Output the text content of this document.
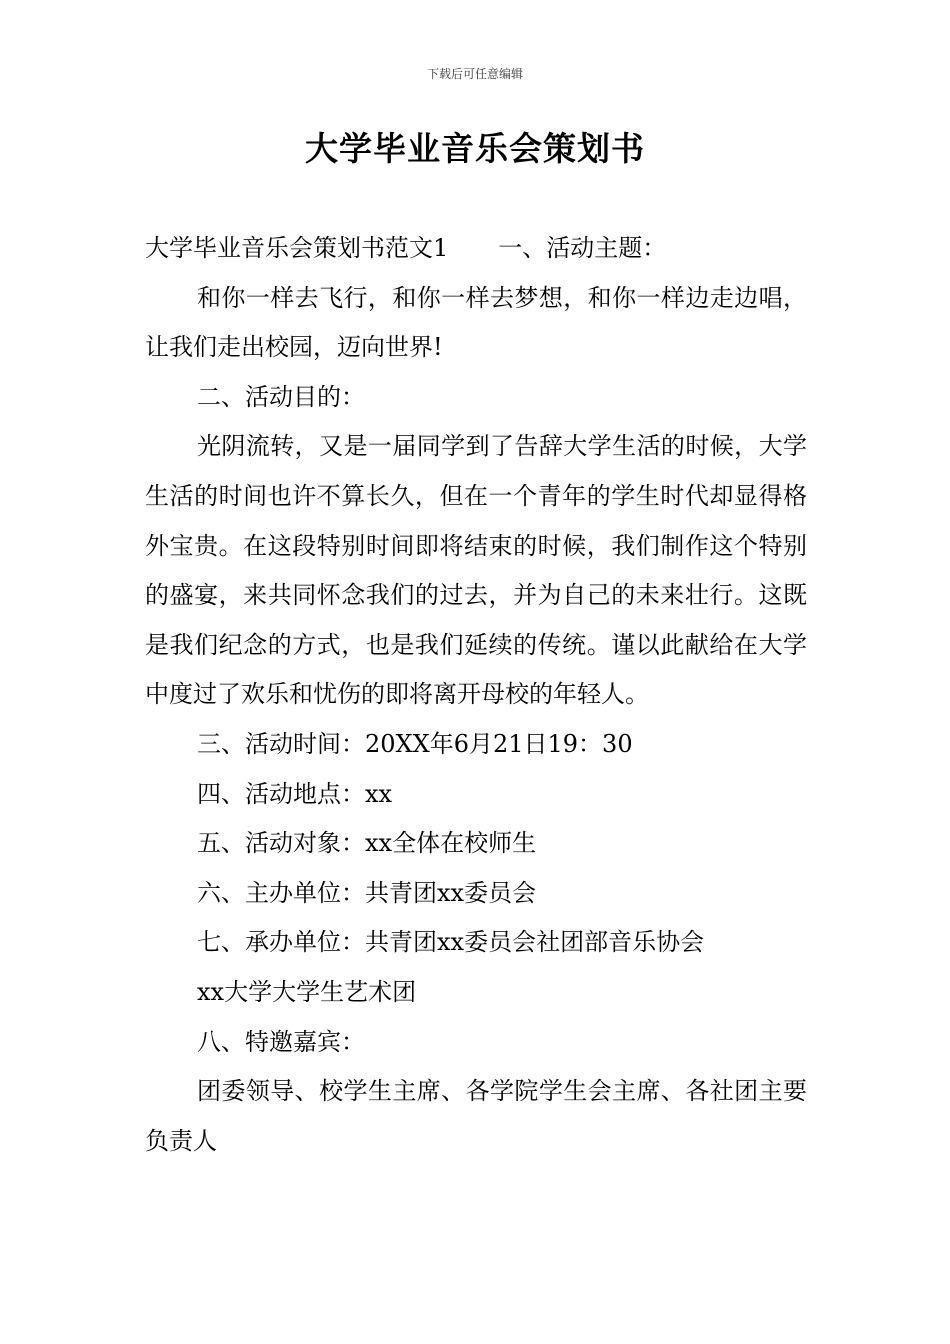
下载后可任意编辑
大学毕业音乐会策划书

大学毕业音乐会策划书范文1 一、活动主题：

和你一样去飞行，和你一样去梦想，和你一样边走边唱，让我们走出校园，迈向世界!

二、活动目的：

光阴流转，又是一届同学到了告辞大学生活的时候，大学生活的时间也许不算长久，但在一个青年的学生时代却显得格外宝贵。在这段特别时间即将结束的时候，我们制作这个特别的盛宴，来共同怀念我们的过去，并为自己的未来壮行。这既是我们纪念的方式，也是我们延续的传统。谨以此献给在大学中度过了欢乐和忧伤的即将离开母校的年轻人。

三、活动时间：20XX年6月21日19：30

四、活动地点：xx

五、活动对象：xx全体在校师生

六、主办单位：共青团xx委员会

七、承办单位：共青团xx委员会社团部音乐协会

xx大学大学生艺术团

八、特邀嘉宾：

团委领导、校学生主席、各学院学生会主席、各社团主要负责人
